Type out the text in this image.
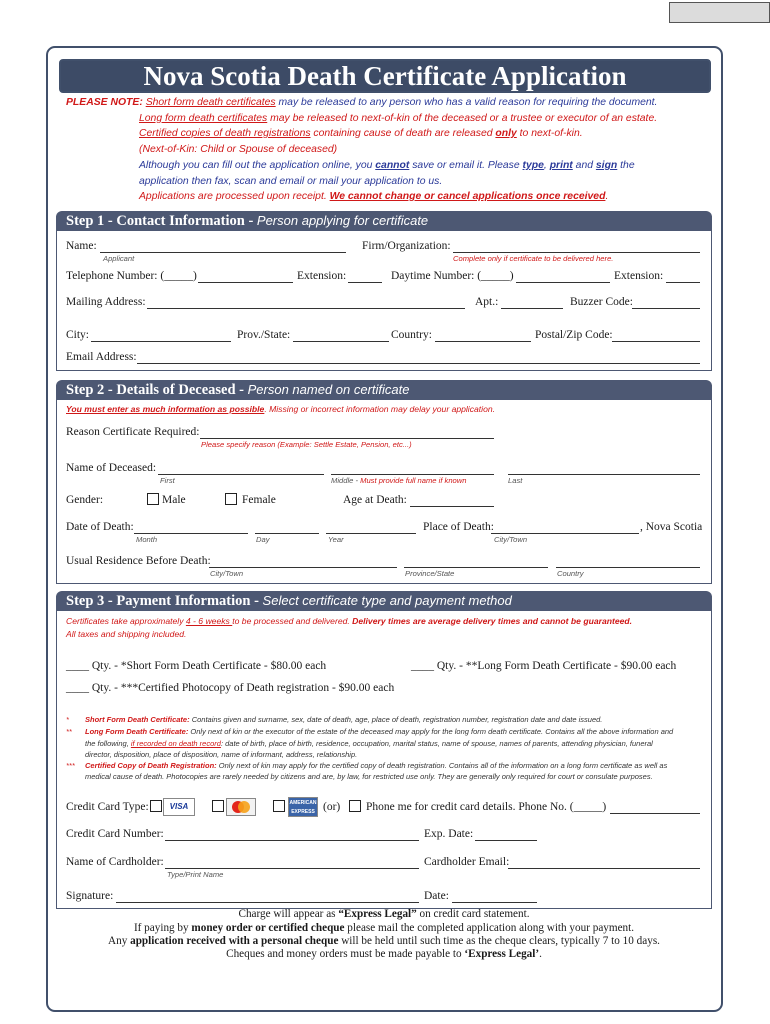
Nova Scotia Death Certificate Application
PLEASE NOTE: Short form death certificates may be released to any person who has a valid reason for requiring the document.
Long form death certificates may be released to next-of-kin of the deceased or a trustee or executor of an estate.
Certified copies of death registrations containing cause of death are released only to next-of-kin.
(Next-of-Kin: Child or Spouse of deceased)
Although you can fill out the application online, you cannot save or email it. Please type, print and sign the
application then fax, scan and email or mail your application to us.
Applications are processed upon receipt. We cannot change or cancel applications once received.
Step 1 - Contact Information - Person applying for certificate
Name:
Applicant
Firm/Organization:
Complete only if certificate to be delivered here.
Telephone Number: (_____)	Extension:	Daytime Number: (_____)	Extension:
Mailing Address:	Apt.:	Buzzer Code:
City:	Prov./State:	Country:	Postal/Zip Code:
Email Address:
Step 2 - Details of Deceased - Person named on certificate
You must enter as much information as possible. Missing or incorrect information may delay your application.
Reason Certificate Required:
Please specify reason (Example: Settle Estate, Pension, etc...)
Name of Deceased:
First	Middle - Must provide full name if known	Last
Gender:	Male	Female	Age at Death:
Date of Death:
Month	Day	Year
Place of Death:	, Nova Scotia
City/Town
Usual Residence Before Death:
City/Town	Province/State	Country
Step 3 - Payment Information - Select certificate type and payment method
Certificates take approximately 4 - 6 weeks to be processed and delivered. Delivery times are average delivery times and cannot be guaranteed.
All taxes and shipping included.
____ Qty. - *Short Form Death Certificate - $80.00 each	____ Qty. - **Long Form Death Certificate - $90.00 each
____ Qty. - ***Certified Photocopy of Death registration - $90.00 each
* Short Form Death Certificate: Contains given and surname, sex, date of death, age, place of death, registration number, registration date and date issued.
** Long Form Death Certificate: Only next of kin or the executor of the estate of the deceased may apply for the long form death certificate. Contains all the above information and
the following, if recorded on death record: date of birth, place of birth, residence, occupation, marital status, name of spouse, names of parents, attending physician, funeral
director, disposition, place of disposition, name of informant, address, relationship.
*** Certified Copy of Death Registration: Only next of kin may apply for the certified copy of death registration. Contains all of the information on a long form certificate as well as
medical cause of death. Photocopies are rarely needed by citizens and are, by law, for restricted use only. They are generally only required for court or consulate purposes.
Credit Card Type:	VISA	AMERICAN EXPRESS (or) Phone me for credit card details. Phone No. (_____)
Credit Card Number:	Exp. Date:
Name of Cardholder:
Type/Print Name
Cardholder Email:
Signature:	Date:
Charge will appear as “Express Legal” on credit card statement.
If paying by money order or certified cheque please mail the completed application along with your payment.
Any application received with a personal cheque will be held until such time as the cheque clears, typically 7 to 10 days.
Cheques and money orders must be made payable to ‘Express Legal’.
